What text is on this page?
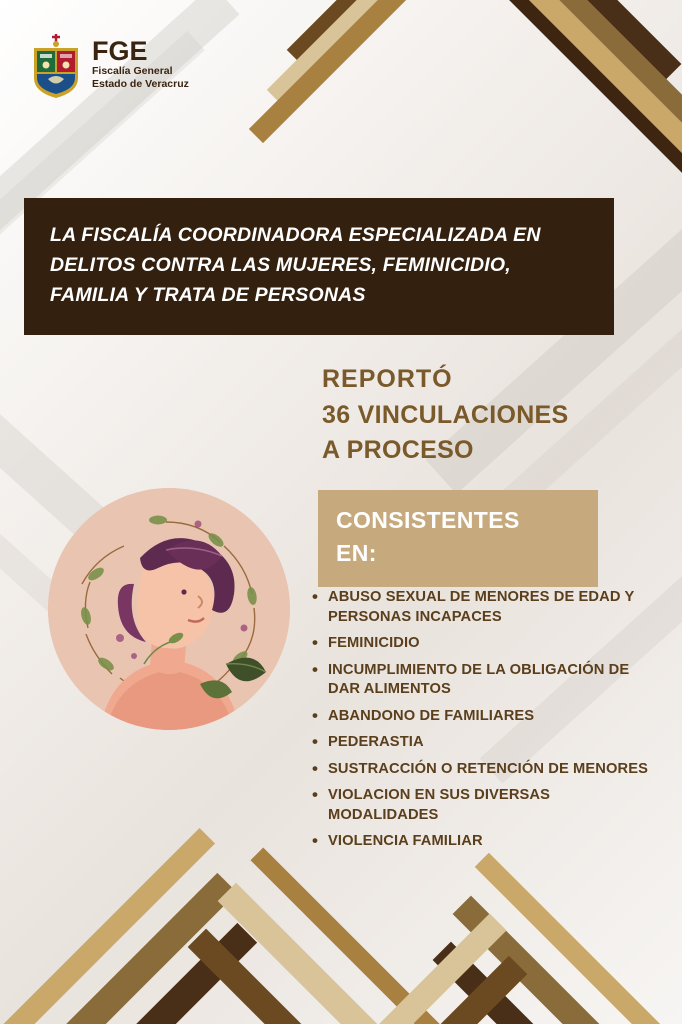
FGE
Fiscalía General
Estado de Veracruz
LA FISCALÍA COORDINADORA ESPECIALIZADA EN
DELITOS CONTRA LAS MUJERES, FEMINICIDIO,
FAMILIA Y TRATA DE PERSONAS
REPORTÓ
36 VINCULACIONES
A PROCESO
CONSISTENTES
EN:
• ABUSO SEXUAL DE MENORES DE EDAD Y PERSONAS INCAPACES
• FEMINICIDIO
• INCUMPLIMIENTO DE LA OBLIGACIÓN DE DAR ALIMENTOS
• ABANDONO DE FAMILIARES
• PEDERASTIA
• SUSTRACCIÓN O RETENCIÓN DE MENORES
• VIOLACION EN SUS DIVERSAS MODALIDADES
• VIOLENCIA FAMILIAR
